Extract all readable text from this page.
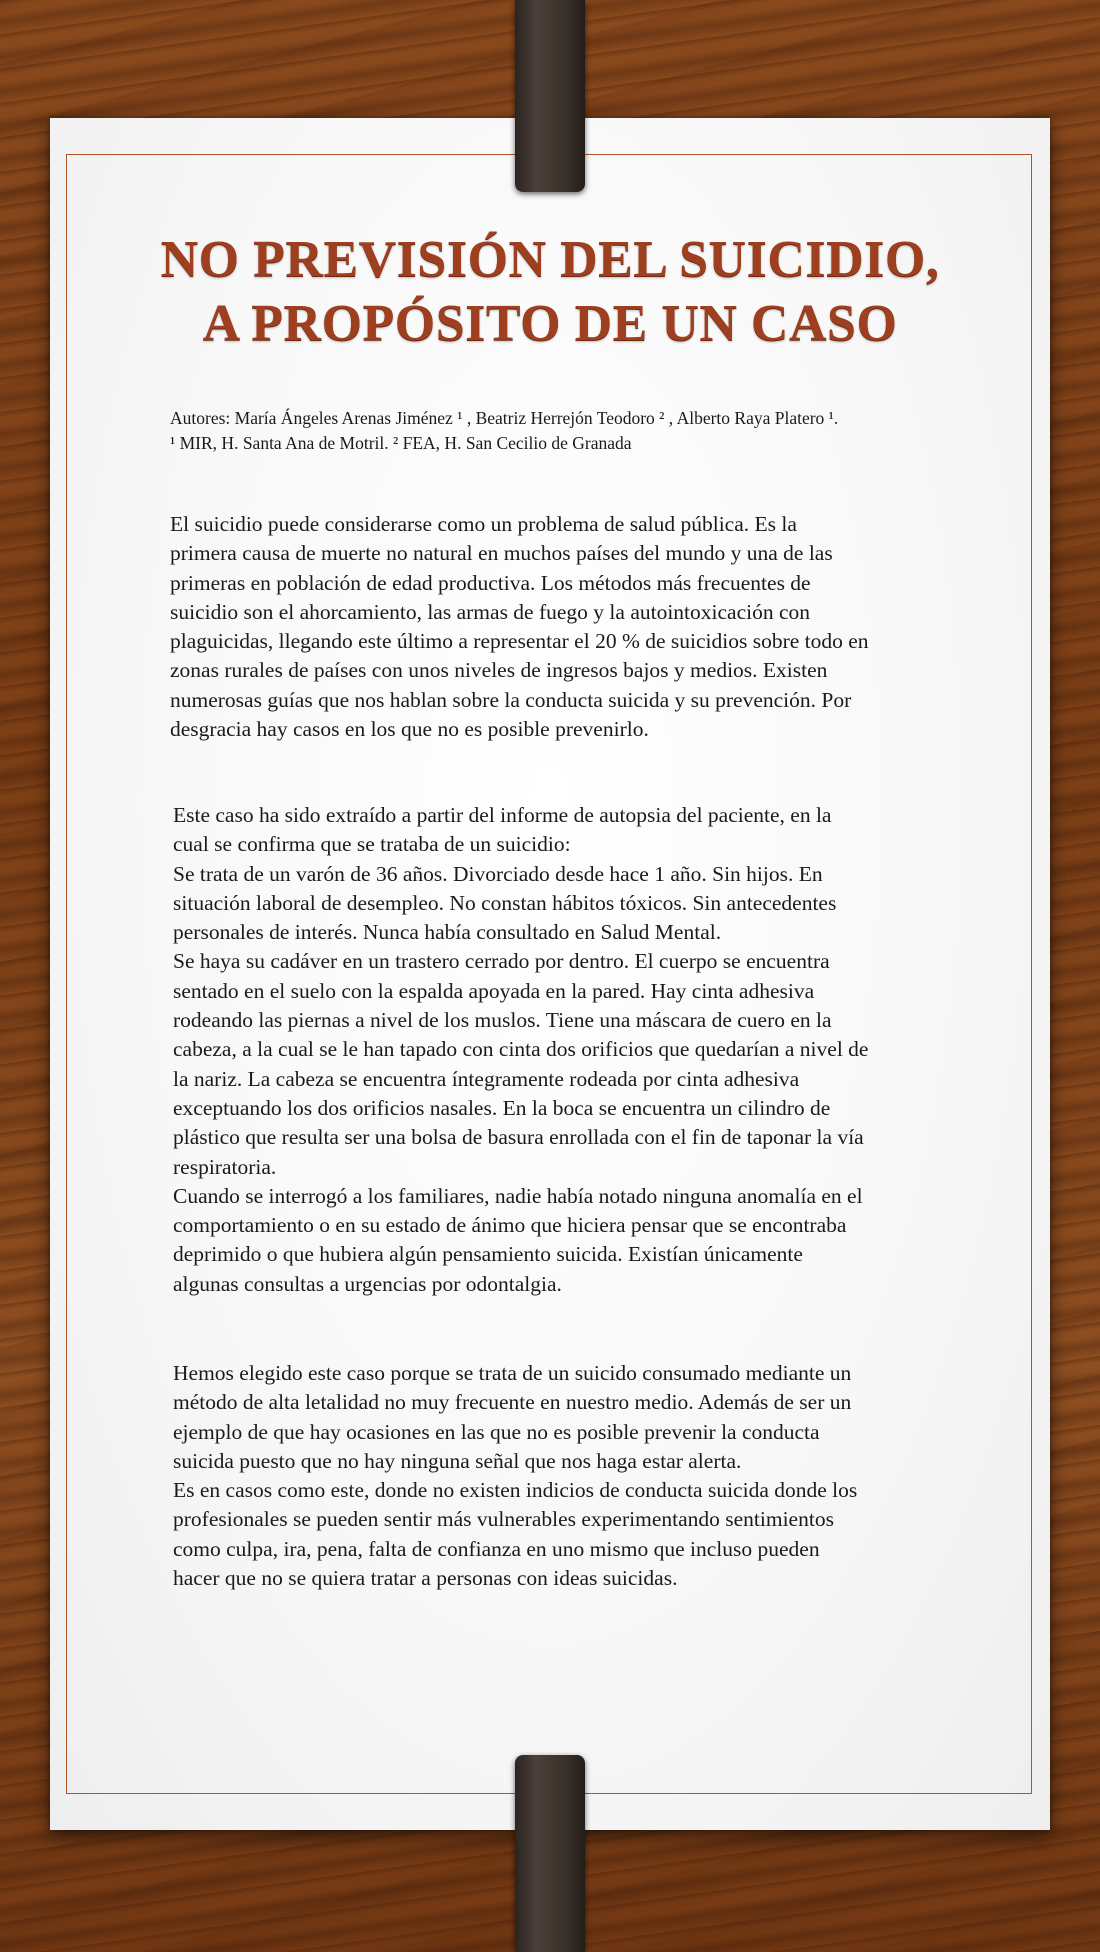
NO PREVISIÓN DEL SUICIDIO,
A PROPÓSITO DE UN CASO
Autores: María Ángeles Arenas Jiménez ¹ , Beatriz Herrejón Teodoro ² , Alberto Raya Platero ¹.
¹ MIR, H. Santa Ana de Motril. ² FEA, H. San Cecilio de Granada
El suicidio puede considerarse como un problema de salud pública. Es la
primera causa de muerte no natural en muchos países del mundo y una de las
primeras en población de edad productiva. Los métodos más frecuentes de
suicidio son el ahorcamiento, las armas de fuego y la autointoxicación con
plaguicidas, llegando este último a representar el 20 % de suicidios sobre todo en
zonas rurales de países con unos niveles de ingresos bajos y medios. Existen
numerosas guías que nos hablan sobre la conducta suicida y su prevención. Por
desgracia hay casos en los que no es posible prevenirlo.
Este caso ha sido extraído a partir del informe de autopsia del paciente, en la
cual se confirma que se trataba de un suicidio:
Se trata de un varón de 36 años. Divorciado desde hace 1 año. Sin hijos. En
situación laboral de desempleo. No constan hábitos tóxicos. Sin antecedentes
personales de interés. Nunca había consultado en Salud Mental.
Se haya su cadáver en un trastero cerrado por dentro. El cuerpo se encuentra
sentado en el suelo con la espalda apoyada en la pared. Hay cinta adhesiva
rodeando las piernas a nivel de los muslos. Tiene una máscara de cuero en la
cabeza, a la cual se le han tapado con cinta dos orificios que quedarían a nivel de
la nariz. La cabeza se encuentra íntegramente rodeada por cinta adhesiva
exceptuando los dos orificios nasales. En la boca se encuentra un cilindro de
plástico que resulta ser una bolsa de basura enrollada con el fin de taponar la vía
respiratoria.
Cuando se interrogó a los familiares, nadie había notado ninguna anomalía en el
comportamiento o en su estado de ánimo que hiciera pensar que se encontraba
deprimido o que hubiera algún pensamiento suicida. Existían únicamente
algunas consultas a urgencias por odontalgia.
Hemos elegido este caso porque se trata de un suicido consumado mediante un
método de alta letalidad no muy frecuente en nuestro medio. Además de ser un
ejemplo de que hay ocasiones en las que no es posible prevenir la conducta
suicida puesto que no hay ninguna señal que nos haga estar alerta.
Es en casos como este, donde no existen indicios de conducta suicida donde los
profesionales se pueden sentir más vulnerables experimentando sentimientos
como culpa, ira, pena, falta de confianza en uno mismo que incluso pueden
hacer que no se quiera tratar a personas con ideas suicidas.
